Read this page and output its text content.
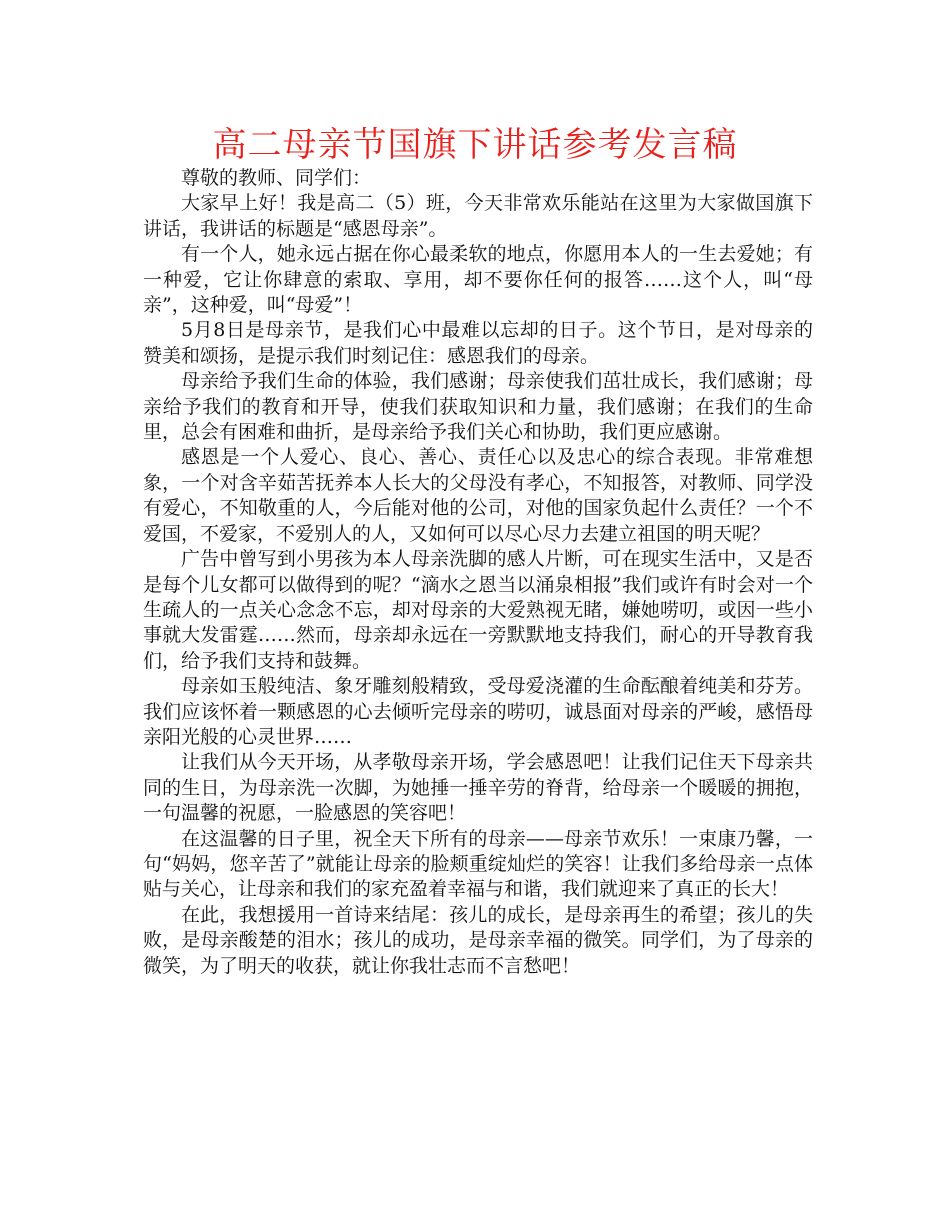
高二母亲节国旗下讲话参考发言稿

尊敬的教师、同学们：

大家早上好！我是高二（5）班，今天非常欢乐能站在这里为大家做国旗下讲话，我讲话的标题是“感恩母亲”。

有一个人，她永远占据在你心最柔软的地点，你愿用本人的一生去爱她；有一种爱，它让你肆意的索取、享用，却不要你任何的报答……这个人，叫“母亲”，这种爱，叫“母爱”！

5月8日是母亲节，是我们心中最难以忘却的日子。这个节日，是对母亲的赞美和颂扬，是提示我们时刻记住：感恩我们的母亲。

母亲给予我们生命的体验，我们感谢；母亲使我们茁壮成长，我们感谢；母亲给予我们的教育和开导，使我们获取知识和力量，我们感谢；在我们的生命里，总会有困难和曲折，是母亲给予我们关心和协助，我们更应感谢。

感恩是一个人爱心、良心、善心、责任心以及忠心的综合表现。非常难想象，一个对含辛茹苦抚养本人长大的父母没有孝心，不知报答，对教师、同学没有爱心，不知敬重的人，今后能对他的公司，对他的国家负起什么责任？一个不爱国，不爱家，不爱别人的人，又如何可以尽心尽力去建立祖国的明天呢？

广告中曾写到小男孩为本人母亲洗脚的感人片断，可在现实生活中，又是否是每个儿女都可以做得到的呢？“滴水之恩当以涌泉相报”我们或许有时会对一个生疏人的一点关心念念不忘，却对母亲的大爱熟视无睹，嫌她唠叨，或因一些小事就大发雷霆……然而，母亲却永远在一旁默默地支持我们，耐心的开导教育我们，给予我们支持和鼓舞。

母亲如玉般纯洁、象牙雕刻般精致，受母爱浇灌的生命酝酿着纯美和芬芳。我们应该怀着一颗感恩的心去倾听完母亲的唠叨，诚恳面对母亲的严峻，感悟母亲阳光般的心灵世界……

让我们从今天开场，从孝敬母亲开场，学会感恩吧！让我们记住天下母亲共同的生日，为母亲洗一次脚，为她捶一捶辛劳的脊背，给母亲一个暖暖的拥抱，一句温馨的祝愿，一脸感恩的笑容吧！

在这温馨的日子里，祝全天下所有的母亲——母亲节欢乐！一束康乃馨，一句“妈妈，您辛苦了”就能让母亲的脸颊重绽灿烂的笑容！让我们多给母亲一点体贴与关心，让母亲和我们的家充盈着幸福与和谐，我们就迎来了真正的长大！

在此，我想援用一首诗来结尾：孩儿的成长，是母亲再生的希望；孩儿的失败，是母亲酸楚的泪水；孩儿的成功，是母亲幸福的微笑。同学们，为了母亲的微笑，为了明天的收获，就让你我壮志而不言愁吧！
